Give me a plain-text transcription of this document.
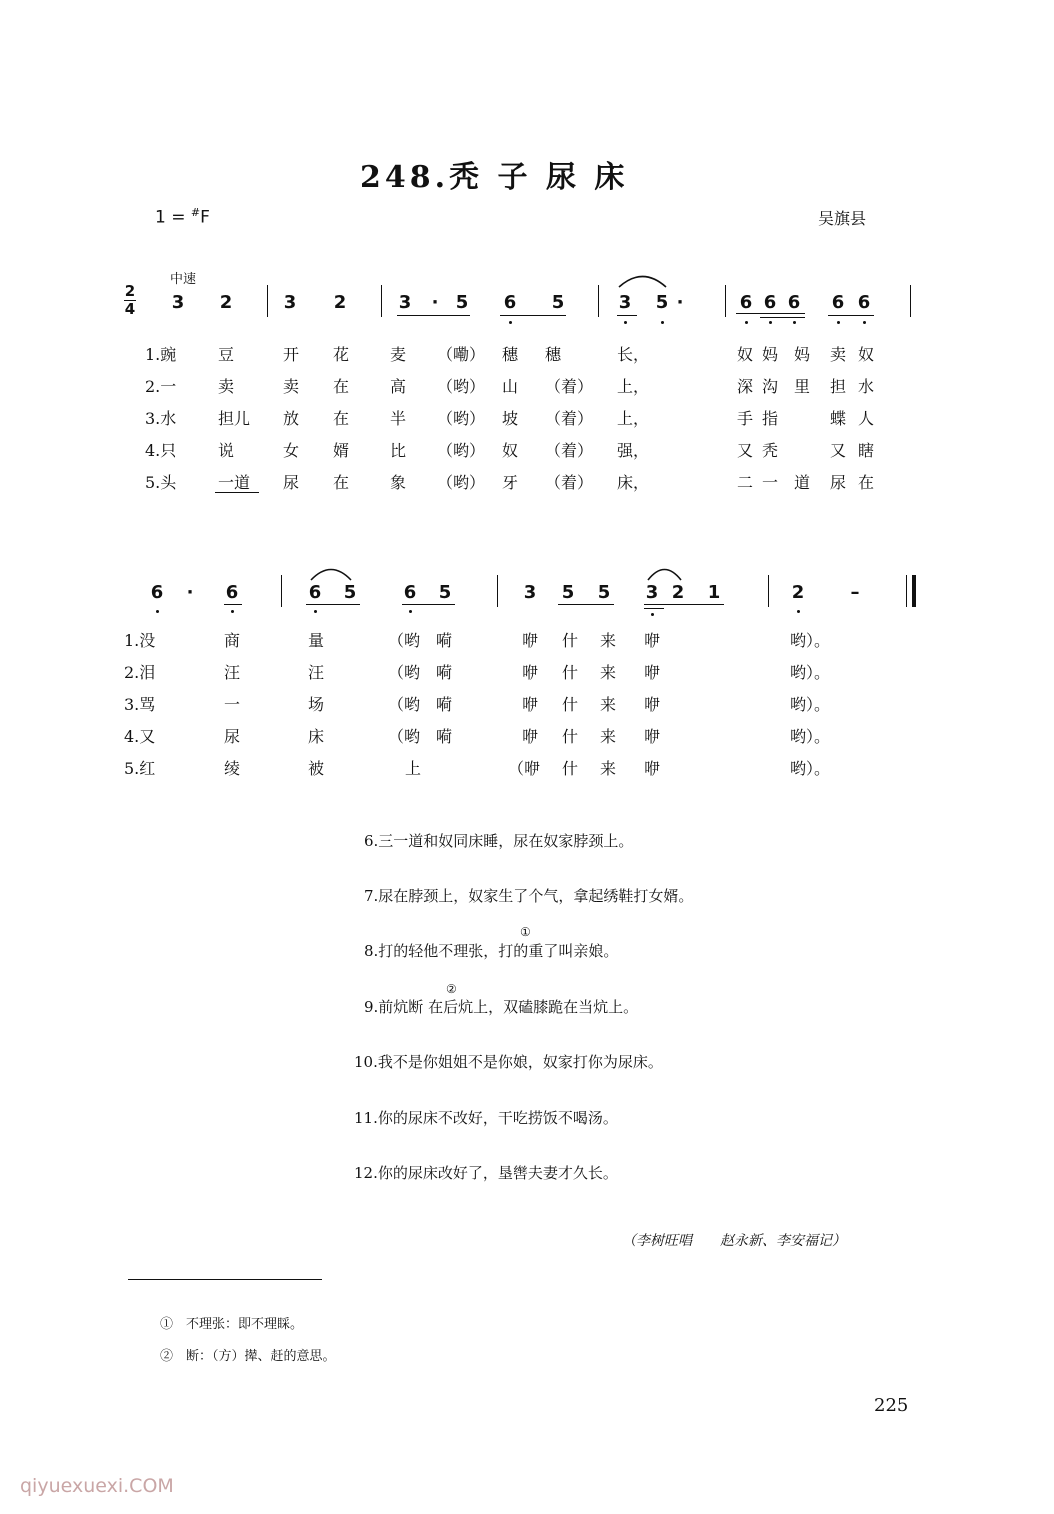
248.秃 子 尿 床
1 = #F	吴旗县
中速
2
4 3 2	3 2	3	· 5 6 5	3 5 ·	6 6 6 6 6
6	·	6	6 5	6 5	3 5 5 3 2 1	2	–
1.豌	豆	开 花	麦 （嘞） 穗 穗	长，	奴 妈 妈 卖 奴
2.一	卖	卖 在	高 （哟） 山 （着） 上，	深 沟 里 担 水
3.水	担儿 放 在	半 （哟） 坡 （着） 上，	手 指	蝶 人
4.只	说	女 婿	比 （哟） 奴 （着） 强，	又 秃	又 瞎
5.头	一道 尿 在	象 （哟） 牙 （着） 床，	二 一 道 尿 在
1.没	商	量	（哟 嗬	咿 什 来 咿	哟）。
2.泪	汪	汪	（哟 嗬	咿 什 来 咿	哟）。
3.骂	一	场	（哟 嗬	咿 什 来 咿	哟）。
4.又	尿	床	（哟 嗬	咿 什 来 咿	哟）。
5.红	绫	被	上	（咿 什 来 咿	哟）。
6.三一道和奴同床睡，尿在奴家脖颈上。
7.尿在脖颈上，奴家生了个气，拿起绣鞋打女婿。
8.打的轻他不理张，打的重了叫亲娘。
①
9.前炕断 在后炕上，双磕膝跪在当炕上。
②
10.我不是你姐姐不是你娘，奴家打你为尿床。
11.你的尿床不改好，干吃捞饭不喝汤。
12.你的尿床改好了，垦辔夫妻才久长。
（李树旺唱　　赵永新、李安福记）
①　不理张：即不理睬。
②　断：（方）撵、赶的意思。
225
qiyuexuexi.COM
